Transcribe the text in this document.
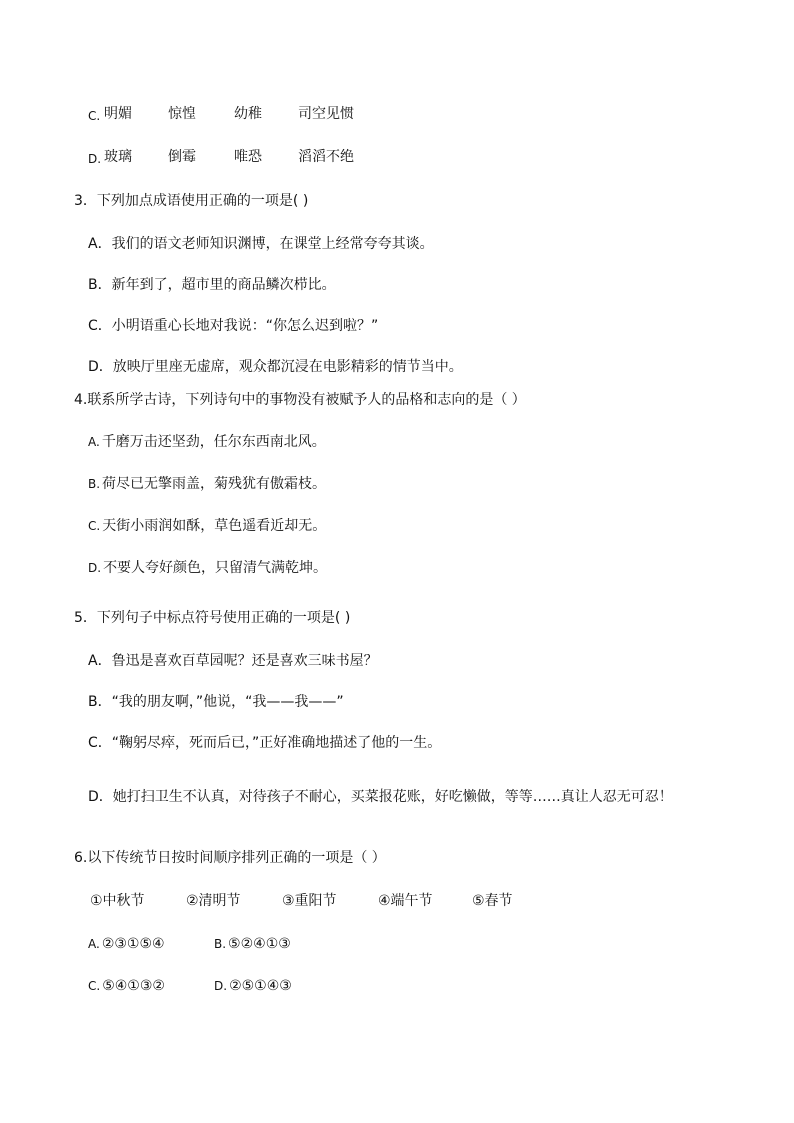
C. 明媚	惊惶	幼稚	司空见惯
D. 玻璃	倒霉	唯恐	滔滔不绝
3．下列加点成语使用正确的一项是( )
A．我们的语文老师知识渊博，在课堂上经常夸夸其谈。
B．新年到了，超市里的商品鳞次栉比。
C．小明语重心长地对我说：“你怎么迟到啦？”
D．放映厅里座无虚席，观众都沉浸在电影精彩的情节当中。
4.联系所学古诗，下列诗句中的事物没有被赋予人的品格和志向的是（ ）
A. 千磨万击还坚劲，任尔东西南北风。
B. 荷尽已无擎雨盖，菊残犹有傲霜枝。
C. 天街小雨润如酥，草色遥看近却无。
D. 不要人夸好颜色，只留清气满乾坤。
5．下列句子中标点符号使用正确的一项是( )
A．鲁迅是喜欢百草园呢？还是喜欢三味书屋？
B．“我的朋友啊，”他说，“我——我——”
C．“鞠躬尽瘁，死而后已，”正好准确地描述了他的一生。
D．她打扫卫生不认真，对待孩子不耐心，买菜报花账，好吃懒做，等等……真让人忍无可忍！
6.以下传统节日按时间顺序排列正确的一项是（ ）
①中秋节	②清明节	③重阳节	④端午节	⑤春节
A. ②③①⑤④	B. ⑤②④①③
C. ⑤④①③②	D. ②⑤①④③
